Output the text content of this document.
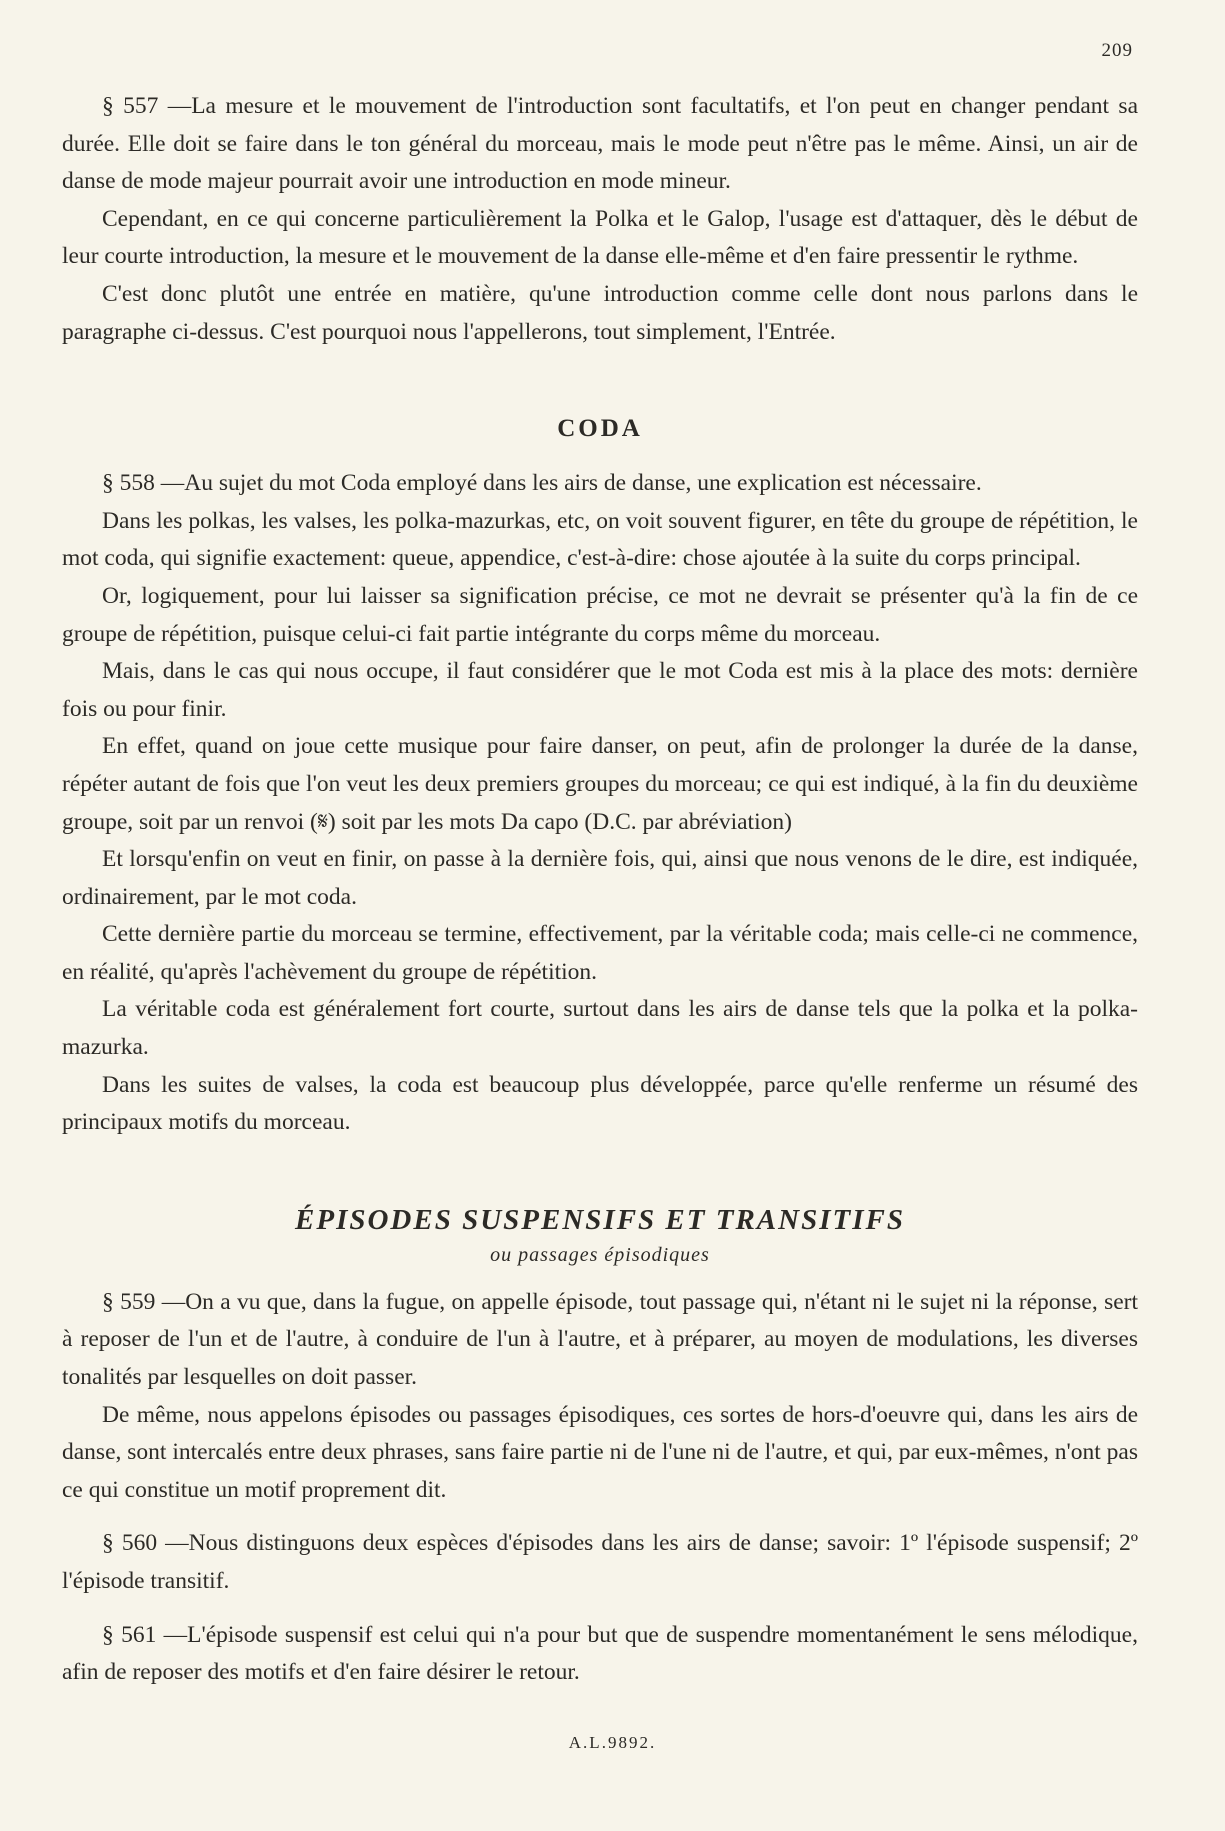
209

§ 557 —La mesure et le mouvement de l'introduction sont facultatifs, et l'on peut en changer pendant sa durée. Elle doit se faire dans le ton général du morceau, mais le mode peut n'être pas le même. Ainsi, un air de danse de mode majeur pourrait avoir une introduction en mode mineur.

Cependant, en ce qui concerne particulièrement la Polka et le Galop, l'usage est d'attaquer, dès le début de leur courte introduction, la mesure et le mouvement de la danse elle-même et d'en faire pressentir le rythme.

C'est donc plutôt une entrée en matière, qu'une introduction comme celle dont nous parlons dans le paragraphe ci-dessus. C'est pourquoi nous l'appellerons, tout simplement, l'Entrée.

CODA

§ 558 —Au sujet du mot Coda employé dans les airs de danse, une explication est nécessaire.

Dans les polkas, les valses, les polka-mazurkas, etc, on voit souvent figurer, en tête du groupe de répétition, le mot coda, qui signifie exactement: queue, appendice, c'est-à-dire: chose ajoutée à la suite du corps principal.

Or, logiquement, pour lui laisser sa signification précise, ce mot ne devrait se présenter qu'à la fin de ce groupe de répétition, puisque celui-ci fait partie intégrante du corps même du morceau.

Mais, dans le cas qui nous occupe, il faut considérer que le mot Coda est mis à la place des mots: dernière fois ou pour finir.

En effet, quand on joue cette musique pour faire danser, on peut, afin de prolonger la durée de la danse, répéter autant de fois que l'on veut les deux premiers groupes du morceau; ce qui est indiqué, à la fin du deuxième groupe, soit par un renvoi (𝄋) soit par les mots Da capo (D.C. par abréviation)

Et lorsqu'enfin on veut en finir, on passe à la dernière fois, qui, ainsi que nous venons de le dire, est indiquée, ordinairement, par le mot coda.

Cette dernière partie du morceau se termine, effectivement, par la véritable coda; mais celle-ci ne commence, en réalité, qu'après l'achèvement du groupe de répétition.

La véritable coda est généralement fort courte, surtout dans les airs de danse tels que la polka et la polka-mazurka.

Dans les suites de valses, la coda est beaucoup plus développée, parce qu'elle renferme un résumé des principaux motifs du morceau.

ÉPISODES SUSPENSIFS ET TRANSITIFS
ou passages épisodiques

§ 559 —On a vu que, dans la fugue, on appelle épisode, tout passage qui, n'étant ni le sujet ni la réponse, sert à reposer de l'un et de l'autre, à conduire de l'un à l'autre, et à préparer, au moyen de modulations, les diverses tonalités par lesquelles on doit passer.

De même, nous appelons épisodes ou passages épisodiques, ces sortes de hors-d'oeuvre qui, dans les airs de danse, sont intercalés entre deux phrases, sans faire partie ni de l'une ni de l'autre, et qui, par eux-mêmes, n'ont pas ce qui constitue un motif proprement dit.

§ 560 —Nous distinguons deux espèces d'épisodes dans les airs de danse; savoir: 1º l'épisode suspensif; 2º l'épisode transitif.

§ 561 —L'épisode suspensif est celui qui n'a pour but que de suspendre momentanément le sens mélodique, afin de reposer des motifs et d'en faire désirer le retour.

A.L.9892.
